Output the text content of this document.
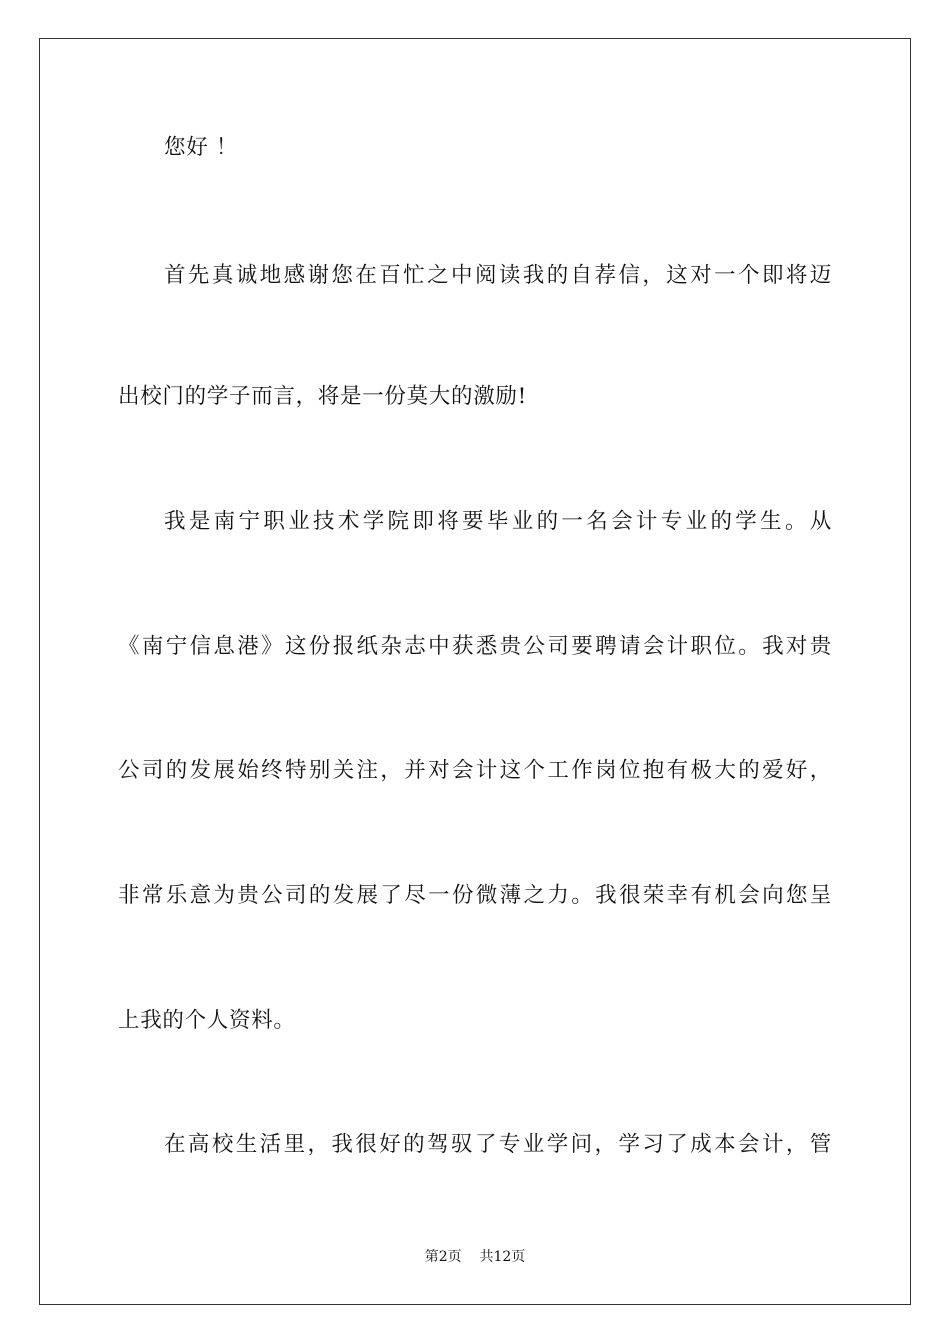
您好 ！
首先真诚地感谢您在百忙之中阅读我的自荐信，这对一个即将迈
出校门的学子而言，将是一份莫大的激励!
我是南宁职业技术学院即将要毕业的一名会计专业的学生。从
《南宁信息港》这份报纸杂志中获悉贵公司要聘请会计职位。我对贵
公司的发展始终特别关注，并对会计这个工作岗位抱有极大的爱好，
非常乐意为贵公司的发展了尽一份微薄之力。我很荣幸有机会向您呈
上我的个人资料。
在高校生活里，我很好的驾驭了专业学问，学习了成本会计，管
第2页    共12页
